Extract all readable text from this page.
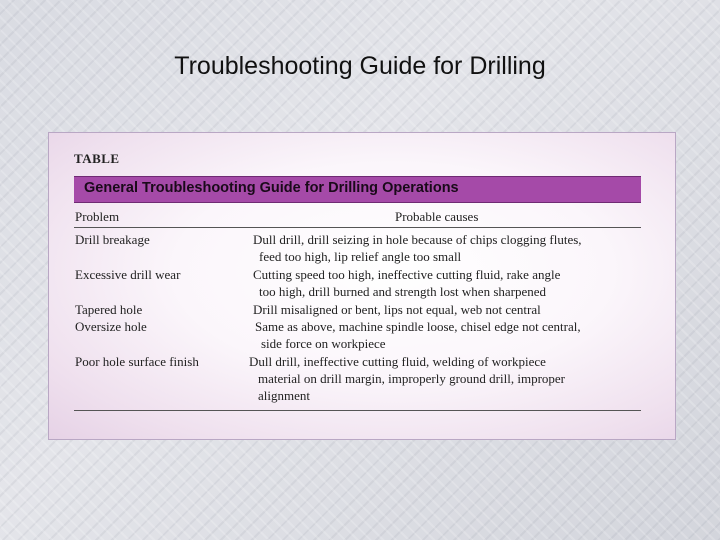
Troubleshooting Guide for Drilling
TABLE
General Troubleshooting Guide for Drilling Operations
Problem	Probable causes
Drill breakage	Dull drill, drill seizing in hole because of chips clogging flutes,
feed too high, lip relief angle too small
Excessive drill wear	Cutting speed too high, ineffective cutting fluid, rake angle
too high, drill burned and strength lost when sharpened
Tapered hole	Drill misaligned or bent, lips not equal, web not central
Oversize hole	Same as above, machine spindle loose, chisel edge not central,
side force on workpiece
Poor hole surface finish	Dull drill, ineffective cutting fluid, welding of workpiece
material on drill margin, improperly ground drill, improper
alignment
